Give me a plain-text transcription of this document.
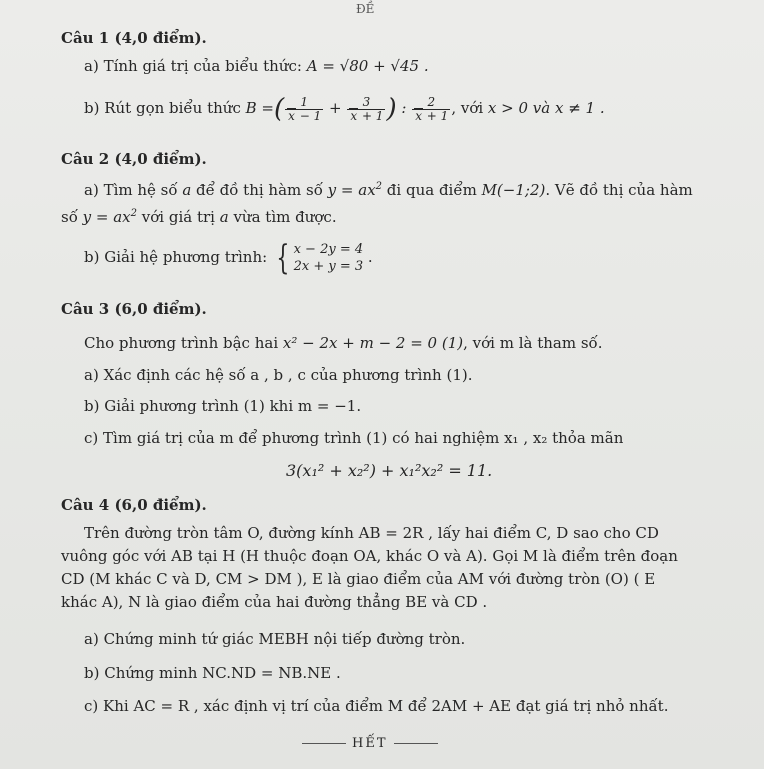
ĐỀ
Câu 1 (4,0 điểm).
a) Tính giá trị của biểu thức: A = √80 + √45 .
b) Rút gọn biểu thức B =( $\frac{1}{x - 1} + \frac{3}{x + 1}$ ) : $\frac{2}{x + 1}$ , với x > 0 và x ≠ 1 .
Câu 2 (4,0 điểm).
a) Tìm hệ số a để đồ thị hàm số $y = ax^2$ đi qua điểm M(−1;2). Vẽ đồ thị của hàm
số $y = ax^2$ với giá trị a vừa tìm được.
b) Giải hệ phương trình: { x − 2y = 4
2x + y = 3
.
Câu 3 (6,0 điểm).
Cho phương trình bậc hai x² − 2x + m − 2 = 0 (1), với m là tham số.
a) Xác định các hệ số a , b , c của phương trình (1).
b) Giải phương trình (1) khi m = −1.
c) Tìm giá trị của m để phương trình (1) có hai nghiệm x₁ , x₂ thỏa mãn
3(x₁² + x₂²) + x₁²x₂² = 11.
Câu 4 (6,0 điểm).
Trên đường tròn tâm O, đường kính AB = 2R , lấy hai điểm C, D sao cho CD
vuông góc với AB tại H (H thuộc đoạn OA, khác O và A). Gọi M là điểm trên đoạn
CD (M khác C và D, CM > DM ), E là giao điểm của AM với đường tròn (O) ( E
khác A), N là giao điểm của hai đường thẳng BE và CD .
a) Chứng minh tứ giác MEBH nội tiếp đường tròn.
b) Chứng minh NC.ND = NB.NE .
c) Khi AC = R , xác định vị trí của điểm M để 2AM + AE đạt giá trị nhỏ nhất.
HẾT
